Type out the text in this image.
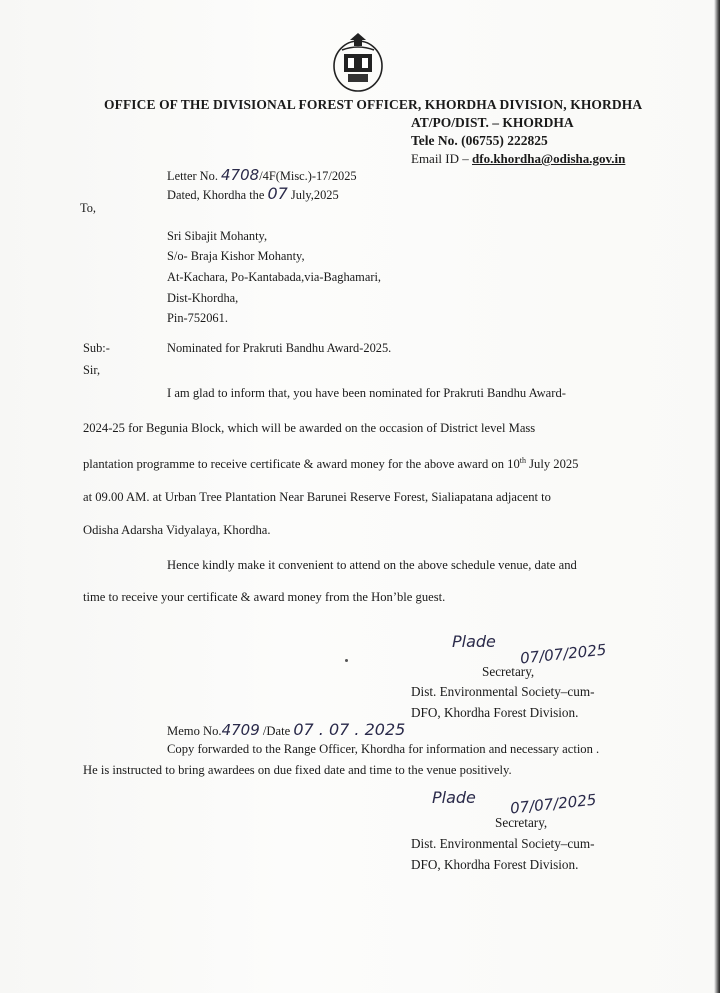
OFFICE OF THE DIVISIONAL FOREST OFFICER, KHORDHA DIVISION, KHORDHA
AT/PO/DIST. – KHORDHA
Tele No. (06755) 222825
Email ID – dfo.khordha@odisha.gov.in
Letter No. 4708/4F(Misc.)-17/2025
Dated, Khordha the 07 July,2025
To,
Sri Sibajit Mohanty,
S/o- Braja Kishor Mohanty,
At-Kachara, Po-Kantabada,via-Baghamari,
Dist-Khordha,
Pin-752061.
Sub:-	Nominated for Prakruti Bandhu Award-2025.
Sir,
I am glad to inform that, you have been nominated for Prakruti Bandhu Award-
2024-25 for Begunia Block, which will be awarded on the occasion of District level Mass
plantation programme to receive certificate & award money for the above award on 10th July 2025
at 09.00 AM. at Urban Tree Plantation Near Barunei Reserve Forest, Sialiapatana adjacent to
Odisha Adarsha Vidyalaya, Khordha.
Hence kindly make it convenient to attend on the above schedule venue, date and
time to receive your certificate & award money from the Hon’ble guest.
Plade 07/07/2025
Secretary,
Dist. Environmental Society–cum-
DFO, Khordha Forest Division.
Memo No.4709 /Date 07 . 07 . 2025
Copy forwarded to the Range Officer, Khordha for information and necessary action .
He is instructed to bring awardees on due fixed date and time to the venue positively.
Plade 07/07/2025
Secretary,
Dist. Environmental Society–cum-
DFO, Khordha Forest Division.
